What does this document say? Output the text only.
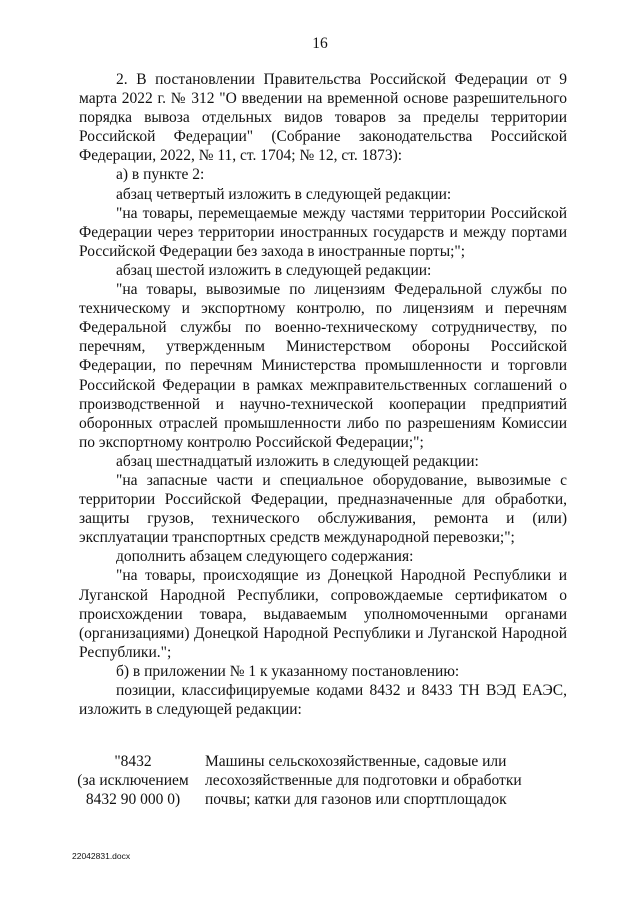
16

2. В постановлении Правительства Российской Федерации от 9 марта 2022 г. № 312 "О введении на временной основе разрешительного порядка вывоза отдельных видов товаров за пределы территории Российской Федерации" (Собрание законодательства Российской Федерации, 2022, № 11, ст. 1704; № 12, ст. 1873):

а) в пункте 2:

абзац четвертый изложить в следующей редакции:

"на товары, перемещаемые между частями территории Российской Федерации через территории иностранных государств и между портами Российской Федерации без захода в иностранные порты;";

абзац шестой изложить в следующей редакции:

"на товары, вывозимые по лицензиям Федеральной службы по техническому и экспортному контролю, по лицензиям и перечням Федеральной службы по военно-техническому сотрудничеству, по перечням, утвержденным Министерством обороны Российской Федерации, по перечням Министерства промышленности и торговли Российской Федерации в рамках межправительственных соглашений о производственной и научно-технической кооперации предприятий оборонных отраслей промышленности либо по разрешениям Комиссии по экспортному контролю Российской Федерации;";

абзац шестнадцатый изложить в следующей редакции:

"на запасные части и специальное оборудование, вывозимые с территории Российской Федерации, предназначенные для обработки, защиты грузов, технического обслуживания, ремонта и (или) эксплуатации транспортных средств международной перевозки;";

дополнить абзацем следующего содержания:

"на товары, происходящие из Донецкой Народной Республики и Луганской Народной Республики, сопровождаемые сертификатом о происхождении товара, выдаваемым уполномоченными органами (организациями) Донецкой Народной Республики и Луганской Народной Республики.";

б) в приложении № 1 к указанному постановлению:

позиции, классифицируемые кодами 8432 и 8433 ТН ВЭД ЕАЭС, изложить в следующей редакции:

"8432
(за исключением
8432 90 000 0)
Машины сельскохозяйственные, садовые или лесохозяйственные для подготовки и обработки почвы; катки для газонов или спортплощадок
22042831.docx
